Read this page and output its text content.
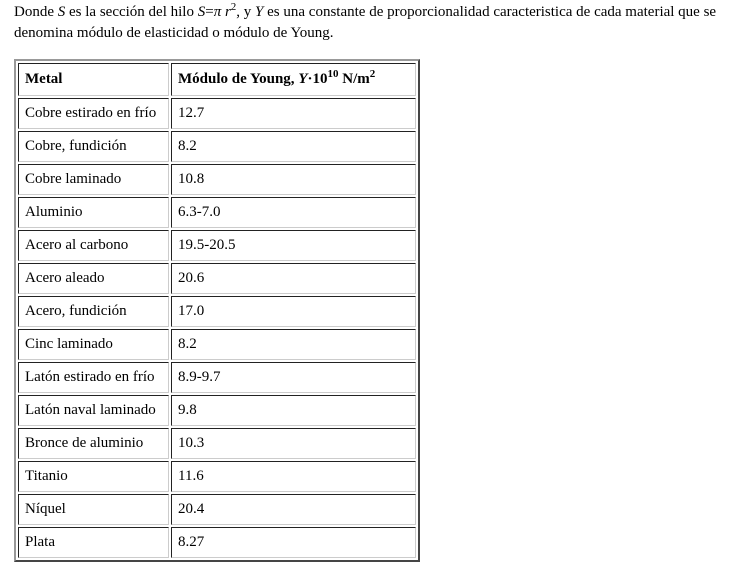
Donde S es la sección del hilo S=π $r^2$, y Y es una constante de proporcionalidad caracteristica de cada material que se denomina módulo de elasticidad o módulo de Young.
Metal	Módulo de Young, $Y\cdot 10^{10}$ $N/m^2$
Cobre estirado en frío	12.7
Cobre, fundición	8.2
Cobre laminado	10.8
Aluminio	6.3-7.0
Acero al carbono	19.5-20.5
Acero aleado	20.6
Acero, fundición	17.0
Cinc laminado	8.2
Latón estirado en frío	8.9-9.7
Latón naval laminado	9.8
Bronce de aluminio	10.3
Titanio	11.6
Níquel	20.4
Plata	8.27
